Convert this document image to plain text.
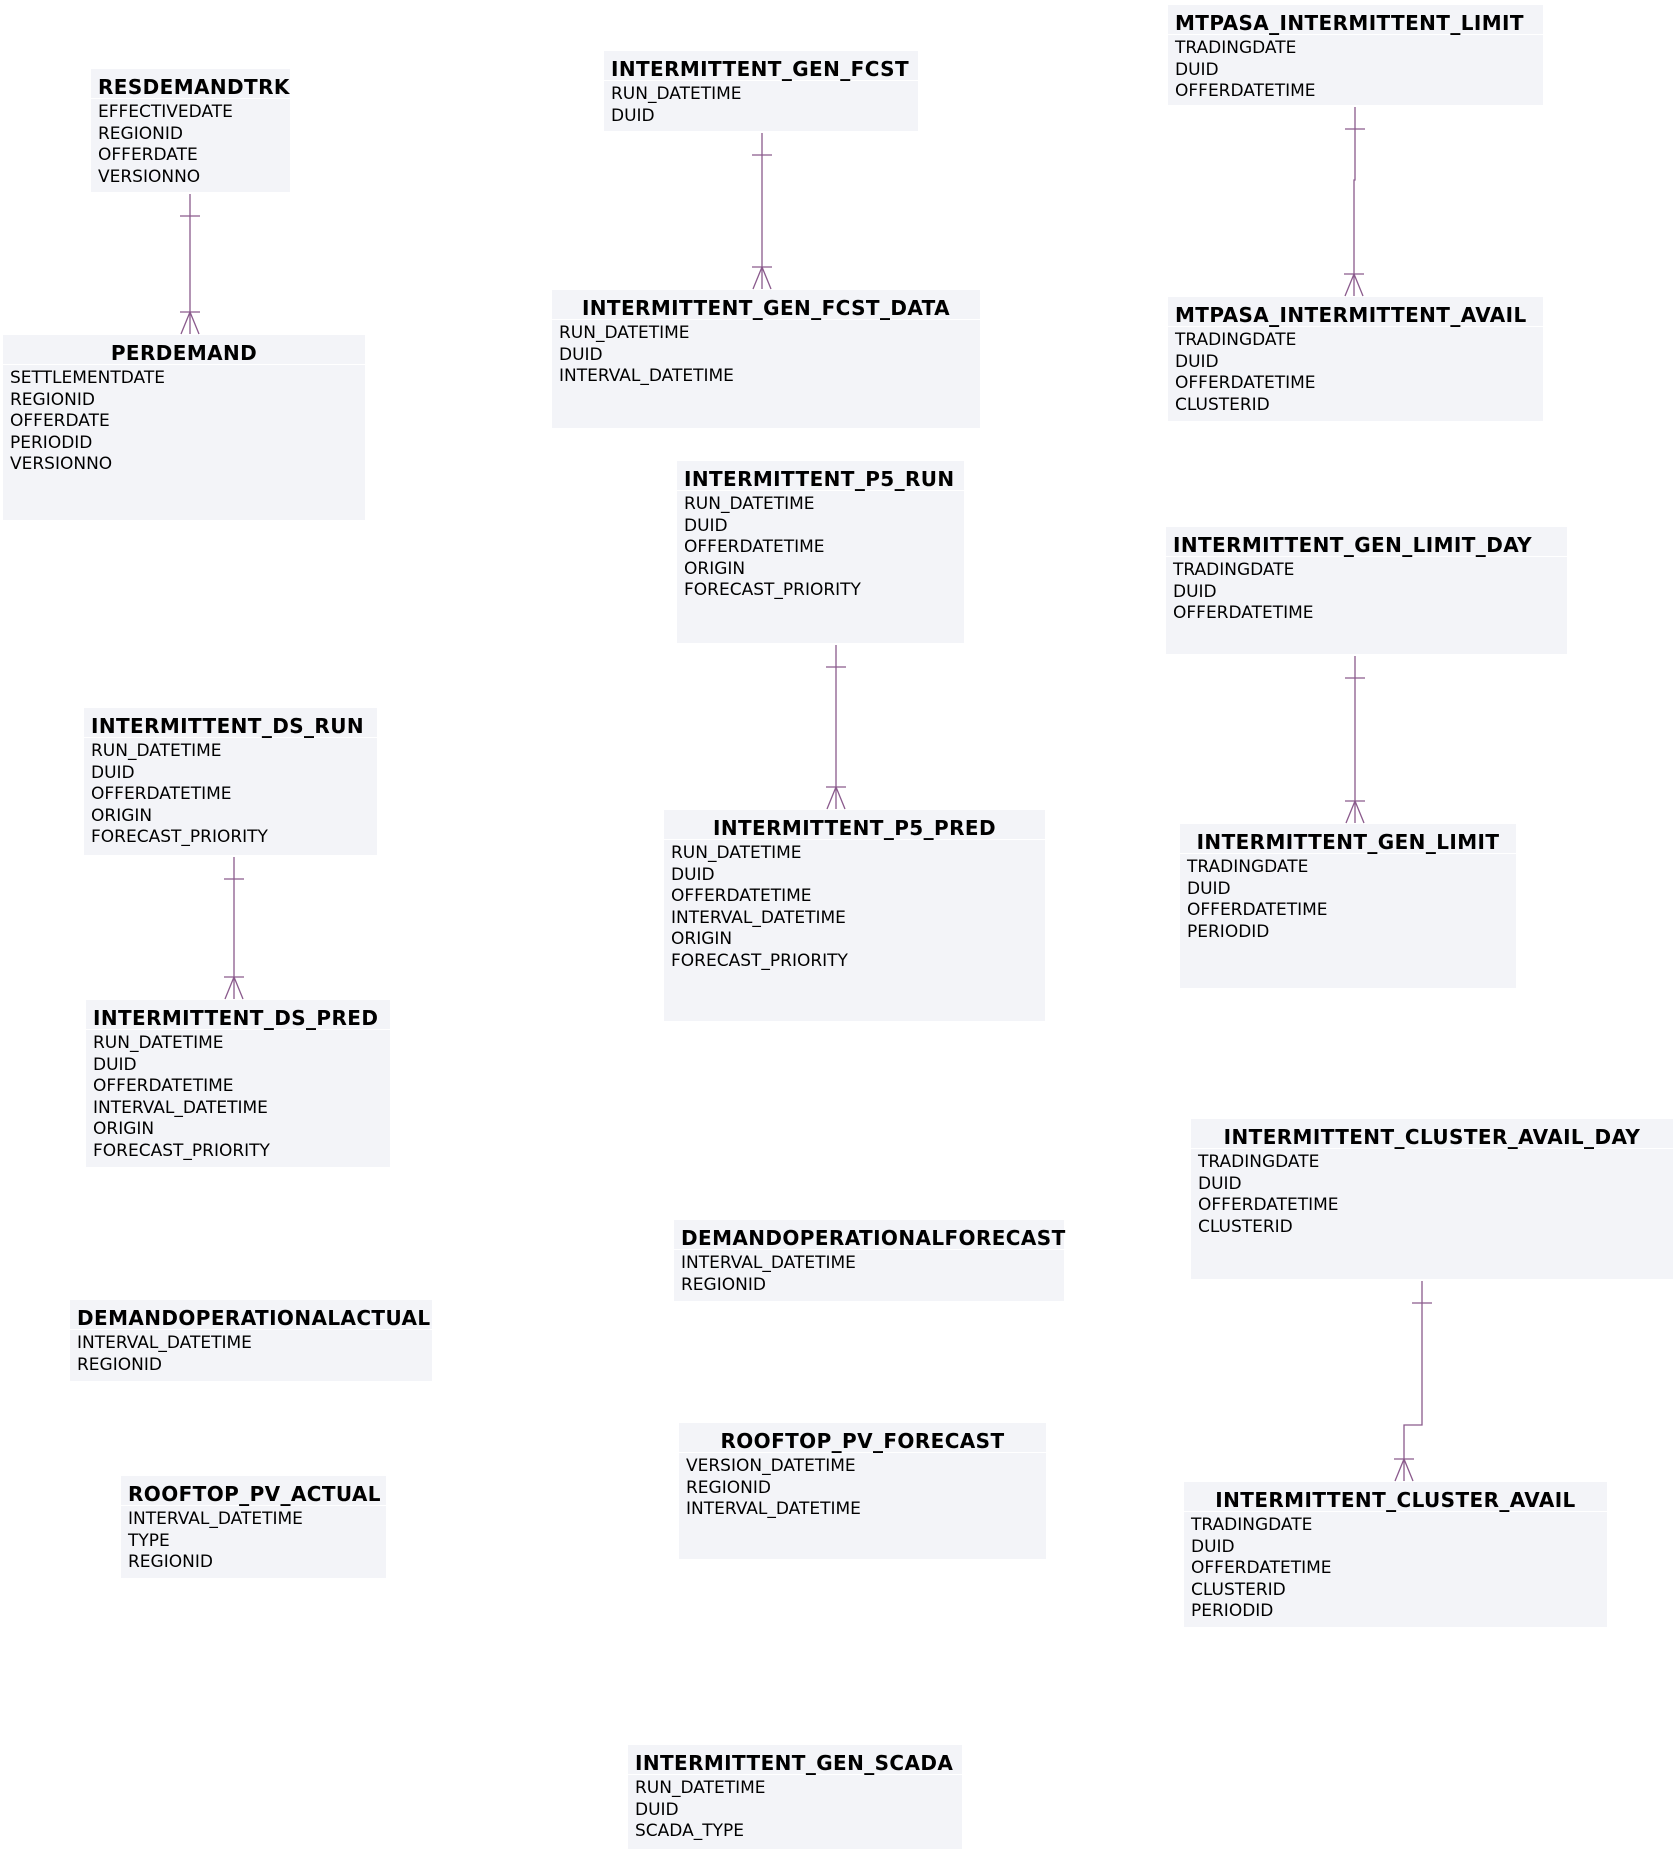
RESDEMANDTRK
EFFECTIVEDATE
REGIONID
OFFERDATE
VERSIONNO
PERDEMAND
SETTLEMENTDATE
REGIONID
OFFERDATE
PERIODID
VERSIONNO
INTERMITTENT_GEN_FCST
RUN_DATETIME
DUID
INTERMITTENT_GEN_FCST_DATA
RUN_DATETIME
DUID
INTERVAL_DATETIME
MTPASA_INTERMITTENT_LIMIT
TRADINGDATE
DUID
OFFERDATETIME
MTPASA_INTERMITTENT_AVAIL
TRADINGDATE
DUID
OFFERDATETIME
CLUSTERID
INTERMITTENT_P5_RUN
RUN_DATETIME
DUID
OFFERDATETIME
ORIGIN
FORECAST_PRIORITY
INTERMITTENT_GEN_LIMIT_DAY
TRADINGDATE
DUID
OFFERDATETIME
INTERMITTENT_DS_RUN
RUN_DATETIME
DUID
OFFERDATETIME
ORIGIN
FORECAST_PRIORITY	INTERMITTENT_P5_PRED
RUN_DATETIME
DUID
OFFERDATETIME
INTERVAL_DATETIME
ORIGIN
FORECAST_PRIORITY
INTERMITTENT_GEN_LIMIT
TRADINGDATE
DUID
OFFERDATETIME
PERIODID
INTERMITTENT_DS_PRED
RUN_DATETIME
DUID
OFFERDATETIME
INTERVAL_DATETIME
ORIGIN
FORECAST_PRIORITY
INTERMITTENT_CLUSTER_AVAIL_DAY
TRADINGDATE
DUID
OFFERDATETIME
CLUSTERID
DEMANDOPERATIONALFORECAST
INTERVAL_DATETIME
REGIONID
DEMANDOPERATIONALACTUAL
INTERVAL_DATETIME
REGIONID
ROOFTOP_PV_FORECAST
VERSION_DATETIME
REGIONID
INTERVAL_DATETIME
ROOFTOP_PV_ACTUAL
INTERVAL_DATETIME
TYPE
REGIONID
INTERMITTENT_CLUSTER_AVAIL
TRADINGDATE
DUID
OFFERDATETIME
CLUSTERID
PERIODID
INTERMITTENT_GEN_SCADA
RUN_DATETIME
DUID
SCADA_TYPE
